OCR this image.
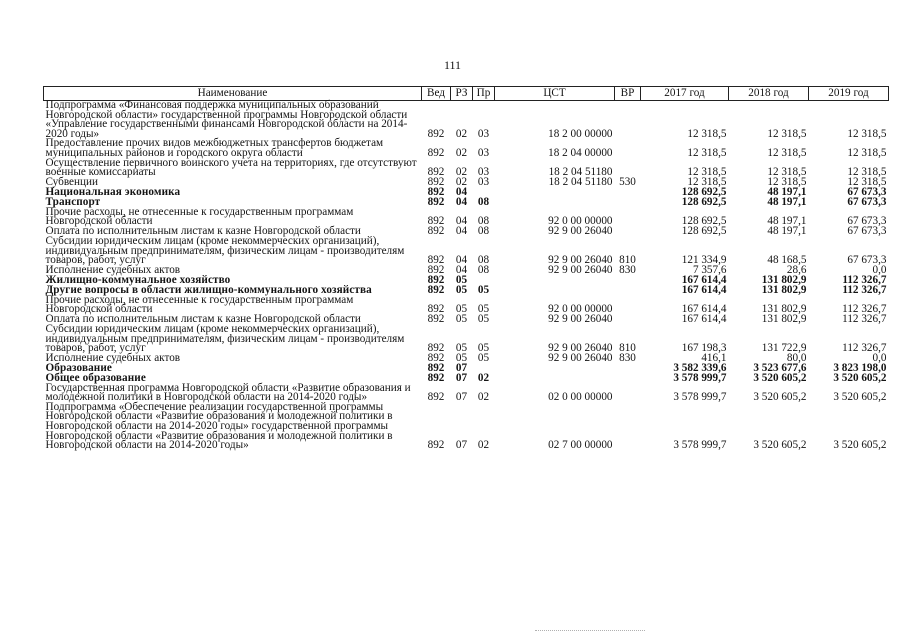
111
Наименование	Вед	РЗ	Пр	ЦСТ	ВР	2017 год	2018 год	2019 год
Подпрограмма «Финансовая поддержка муниципальных образований Новгородской области» государственной программы Новгородской области «Управление государственными финансами Новгородской области на 2014-2020 годы»	892	02	03	18 2 00 00000		12 318,5	12 318,5	12 318,5
Предоставление прочих видов межбюджетных трансфертов бюджетам муниципальных районов и городского округа области	892	02	03	18 2 04 00000		12 318,5	12 318,5	12 318,5
Осуществление первичного воинского учета на территориях, где отсутствуют военные комиссариаты	892	02	03	18 2 04 51180		12 318,5	12 318,5	12 318,5
Субвенции	892	02	03	18 2 04 51180	530	12 318,5	12 318,5	12 318,5
Национальная экономика	892	04				128 692,5	48 197,1	67 673,3
Транспорт	892	04	08			128 692,5	48 197,1	67 673,3
Прочие расходы, не отнесенные к государственным программам Новгородской области	892	04	08	92 0 00 00000		128 692,5	48 197,1	67 673,3
Оплата по исполнительным листам к казне Новгородской области	892	04	08	92 9 00 26040		128 692,5	48 197,1	67 673,3
Субсидии юридическим лицам (кроме некоммерческих организаций), индивидуальным предпринимателям, физическим лицам - производителям товаров, работ, услуг	892	04	08	92 9 00 26040	810	121 334,9	48 168,5	67 673,3
Исполнение судебных актов	892	04	08	92 9 00 26040	830	7 357,6	28,6	0,0
Жилищно-коммунальное хозяйство	892	05				167 614,4	131 802,9	112 326,7
Другие вопросы в области жилищно-коммунального хозяйства	892	05	05			167 614,4	131 802,9	112 326,7
Прочие расходы, не отнесенные к государственным программам Новгородской области	892	05	05	92 0 00 00000		167 614,4	131 802,9	112 326,7
Оплата по исполнительным листам к казне Новгородской области	892	05	05	92 9 00 26040		167 614,4	131 802,9	112 326,7
Субсидии юридическим лицам (кроме некоммерческих организаций), индивидуальным предпринимателям, физическим лицам - производителям товаров, работ, услуг	892	05	05	92 9 00 26040	810	167 198,3	131 722,9	112 326,7
Исполнение судебных актов	892	05	05	92 9 00 26040	830	416,1	80,0	0,0
Образование	892	07				3 582 339,6	3 523 677,6	3 823 198,0
Общее образование	892	07	02			3 578 999,7	3 520 605,2	3 520 605,2
Государственная программа Новгородской области «Развитие образования и молодежной политики в Новгородской области на 2014-2020 годы»	892	07	02	02 0 00 00000		3 578 999,7	3 520 605,2	3 520 605,2
Подпрограмма «Обеспечение реализации государственной программы Новгородской области «Развитие образования и молодежной политики в Новгородской области на 2014-2020 годы» государственной программы Новгородской области «Развитие образования и молодежной политики в Новгородской области на 2014-2020 годы»	892	07	02	02 7 00 00000		3 578 999,7	3 520 605,2	3 520 605,2
